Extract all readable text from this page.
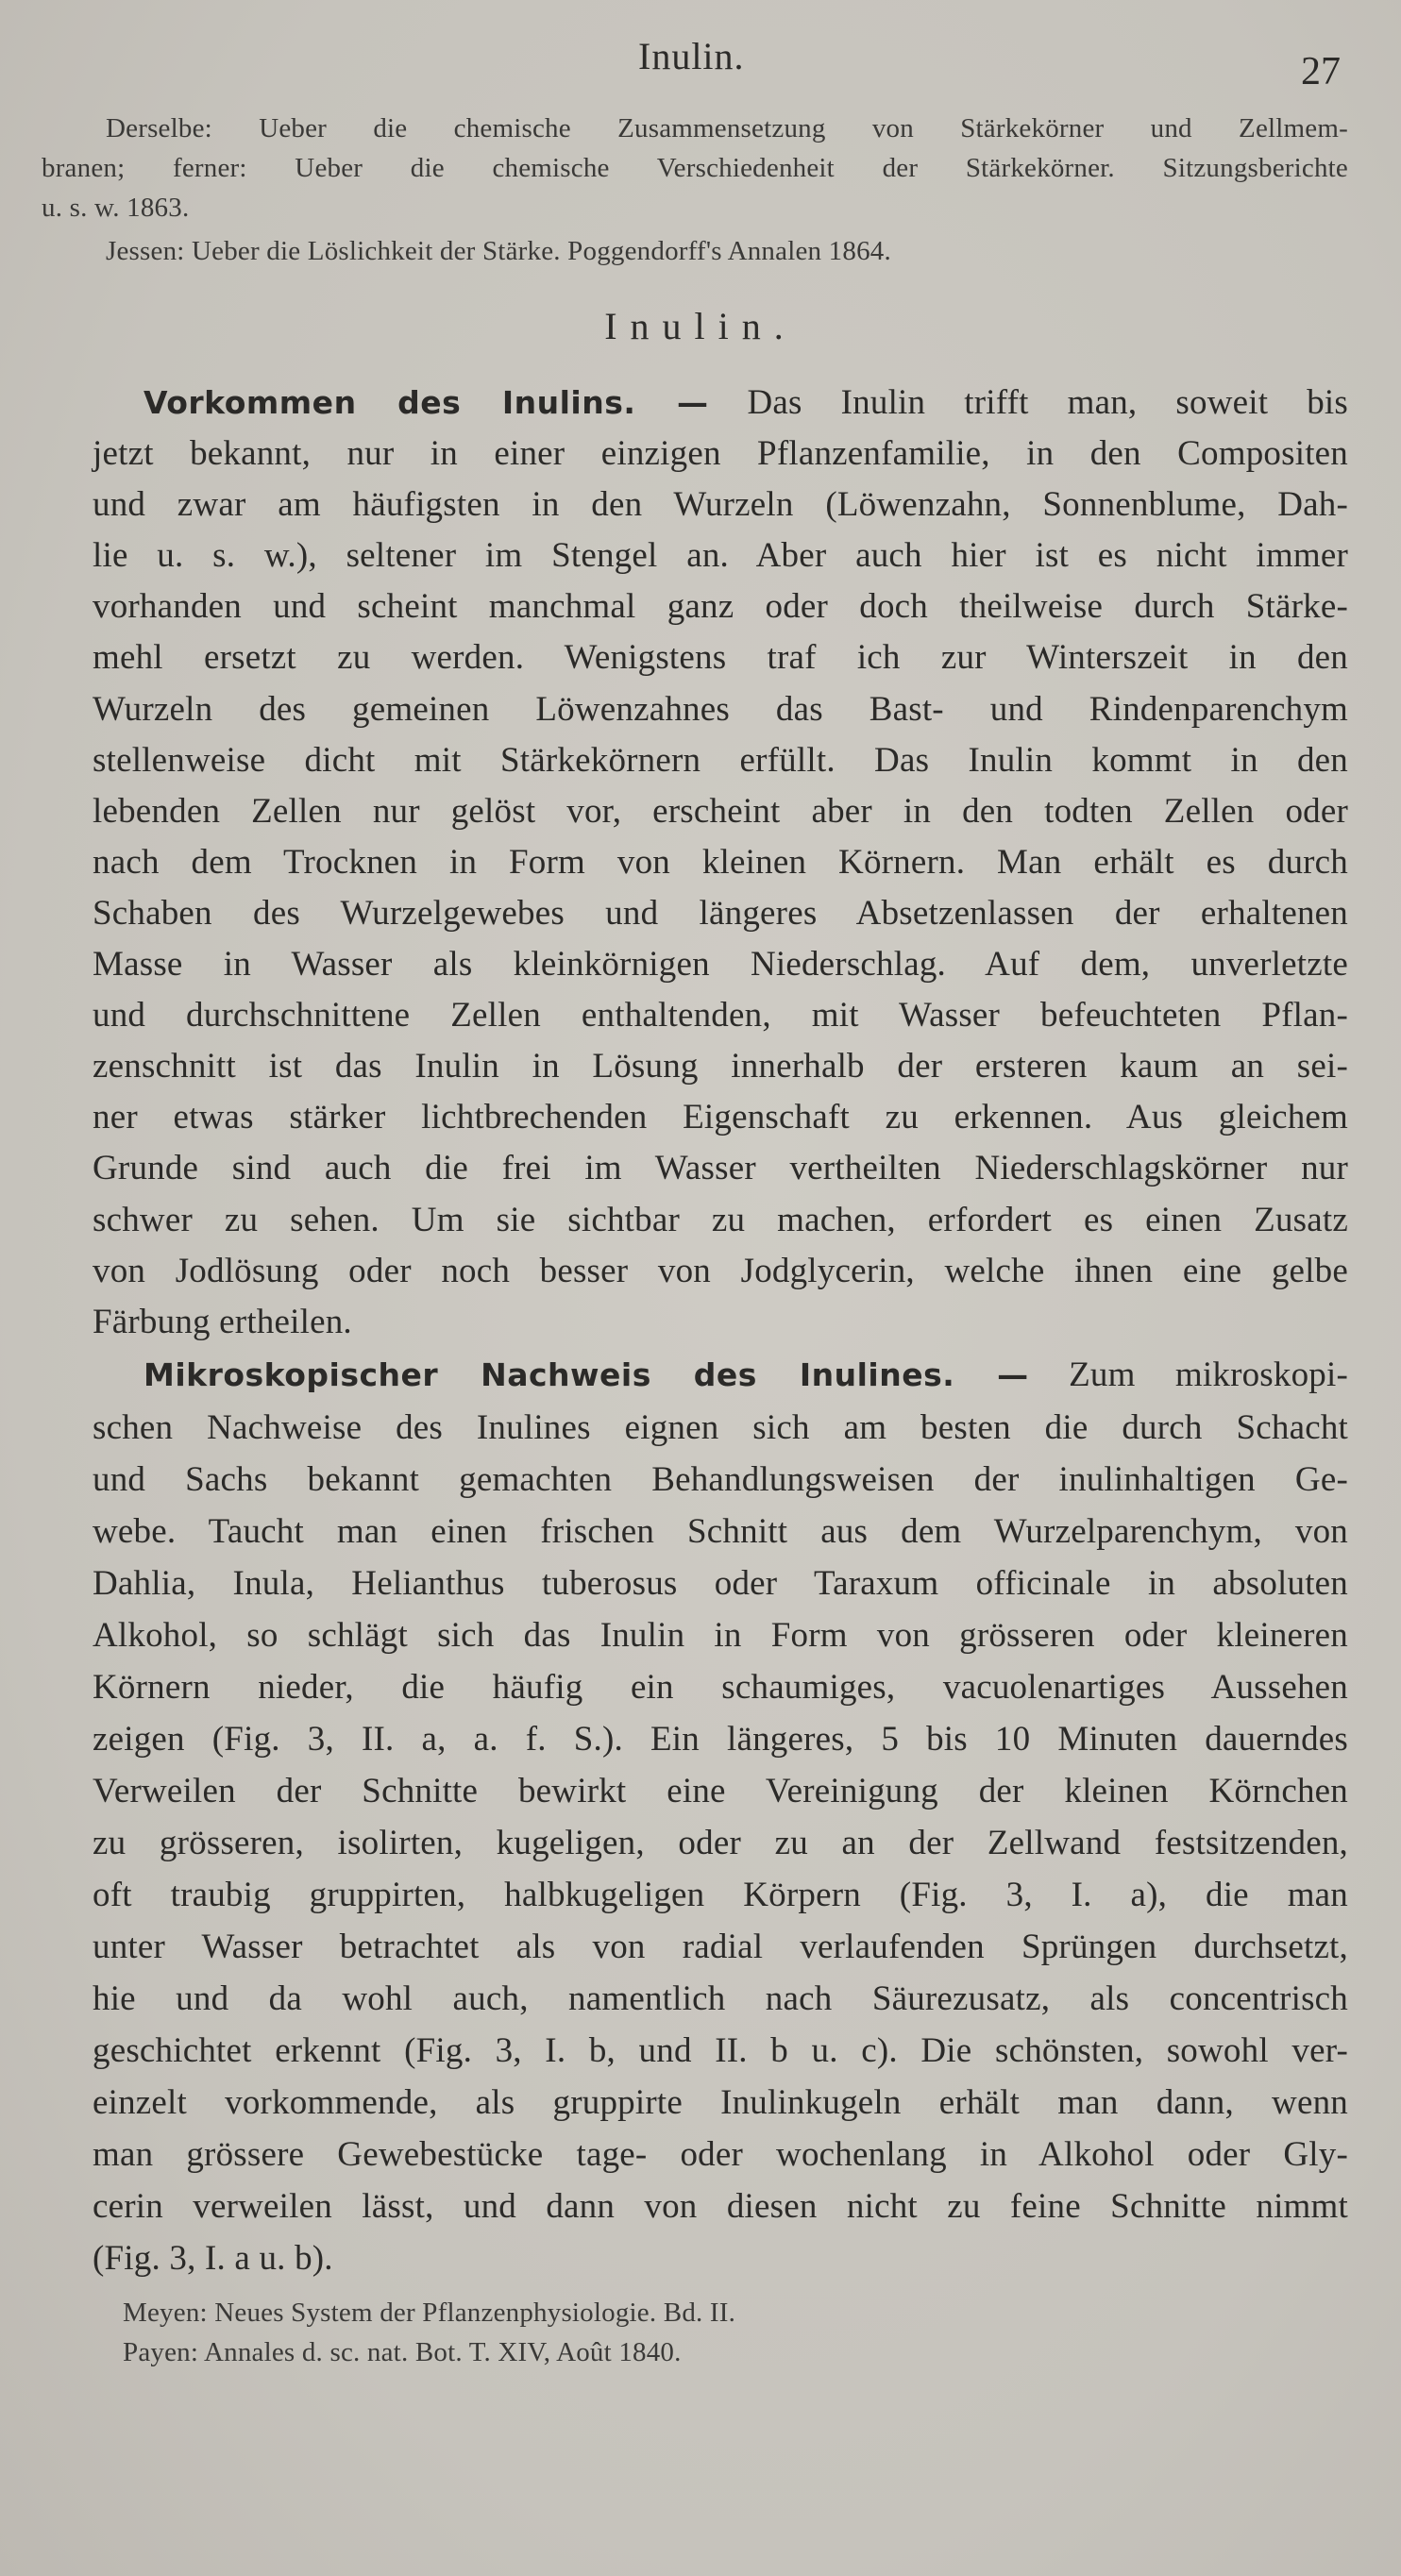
Inulin.	27
Derselbe: Ueber die chemische Zusammensetzung von Stärkekörner und Zellmem-
branen; ferner: Ueber die chemische Verschiedenheit der Stärkekörner. Sitzungsberichte
u. s. w. 1863.
Jessen: Ueber die Löslichkeit der Stärke. Poggendorff's Annalen 1864.
Inulin.
Vorkommen des Inulins. — Das Inulin trifft man, soweit bis
jetzt bekannt, nur in einer einzigen Pflanzenfamilie, in den Compositen
und zwar am häufigsten in den Wurzeln (Löwenzahn, Sonnenblume, Dah-
lie u. s. w.), seltener im Stengel an. Aber auch hier ist es nicht immer
vorhanden und scheint manchmal ganz oder doch theilweise durch Stärke-
mehl ersetzt zu werden. Wenigstens traf ich zur Winterszeit in den
Wurzeln des gemeinen Löwenzahnes das Bast- und Rindenparenchym
stellenweise dicht mit Stärkekörnern erfüllt. Das Inulin kommt in den
lebenden Zellen nur gelöst vor, erscheint aber in den todten Zellen oder
nach dem Trocknen in Form von kleinen Körnern. Man erhält es durch
Schaben des Wurzelgewebes und längeres Absetzenlassen der erhaltenen
Masse in Wasser als kleinkörnigen Niederschlag. Auf dem, unverletzte
und durchschnittene Zellen enthaltenden, mit Wasser befeuchteten Pflan-
zenschnitt ist das Inulin in Lösung innerhalb der ersteren kaum an sei-
ner etwas stärker lichtbrechenden Eigenschaft zu erkennen. Aus gleichem
Grunde sind auch die frei im Wasser vertheilten Niederschlagskörner nur
schwer zu sehen. Um sie sichtbar zu machen, erfordert es einen Zusatz
von Jodlösung oder noch besser von Jodglycerin, welche ihnen eine gelbe
Färbung ertheilen.
Mikroskopischer Nachweis des Inulines. — Zum mikroskopi-
schen Nachweise des Inulines eignen sich am besten die durch Schacht
und Sachs bekannt gemachten Behandlungsweisen der inulinhaltigen Ge-
webe. Taucht man einen frischen Schnitt aus dem Wurzelparenchym, von
Dahlia, Inula, Helianthus tuberosus oder Taraxum officinale in absoluten
Alkohol, so schlägt sich das Inulin in Form von grösseren oder kleineren
Körnern nieder, die häufig ein schaumiges, vacuolenartiges Aussehen
zeigen (Fig. 3, II. a, a. f. S.). Ein längeres, 5 bis 10 Minuten dauerndes
Verweilen der Schnitte bewirkt eine Vereinigung der kleinen Körnchen
zu grösseren, isolirten, kugeligen, oder zu an der Zellwand festsitzenden,
oft traubig gruppirten, halbkugeligen Körpern (Fig. 3, I. a), die man
unter Wasser betrachtet als von radial verlaufenden Sprüngen durchsetzt,
hie und da wohl auch, namentlich nach Säurezusatz, als concentrisch
geschichtet erkennt (Fig. 3, I. b, und II. b u. c). Die schönsten, sowohl ver-
einzelt vorkommende, als gruppirte Inulinkugeln erhält man dann, wenn
man grössere Gewebestücke tage- oder wochenlang in Alkohol oder Gly-
cerin verweilen lässt, und dann von diesen nicht zu feine Schnitte nimmt
(Fig. 3, I. a u. b).
Meyen: Neues System der Pflanzenphysiologie. Bd. II.
Payen: Annales d. sc. nat. Bot. T. XIV, Août 1840.
